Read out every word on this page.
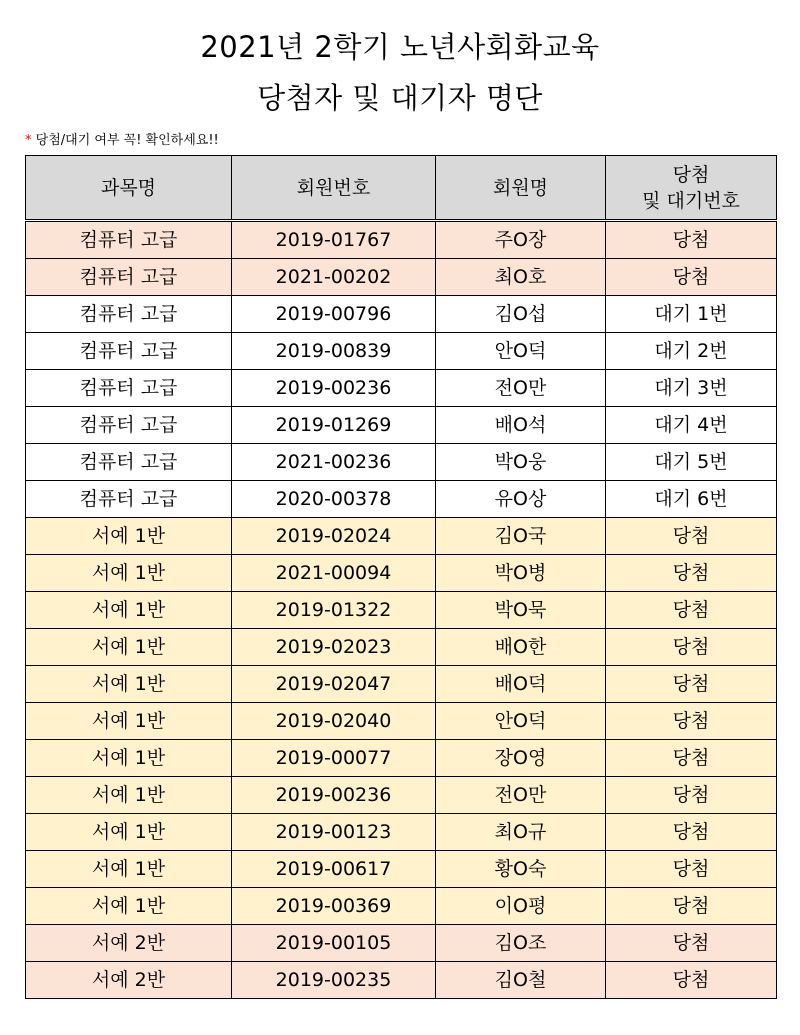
2021년 2학기 노년사회화교육
당첨자 및 대기자 명단
* 당첨/대기 여부 꼭! 확인하세요!!
과목명	회원번호	회원명	당첨
및 대기번호

컴퓨터 고급	2019-01767	주O장	당첨
컴퓨터 고급	2021-00202	최O호	당첨
컴퓨터 고급	2019-00796	김O섭	대기 1번
컴퓨터 고급	2019-00839	안O덕	대기 2번
컴퓨터 고급	2019-00236	전O만	대기 3번
컴퓨터 고급	2019-01269	배O석	대기 4번
컴퓨터 고급	2021-00236	박O웅	대기 5번
컴퓨터 고급	2020-00378	유O상	대기 6번
서예 1반	2019-02024	김O국	당첨
서예 1반	2021-00094	박O병	당첨
서예 1반	2019-01322	박O묵	당첨
서예 1반	2019-02023	배O한	당첨
서예 1반	2019-02047	배O덕	당첨
서예 1반	2019-02040	안O덕	당첨
서예 1반	2019-00077	장O영	당첨
서예 1반	2019-00236	전O만	당첨
서예 1반	2019-00123	최O규	당첨
서예 1반	2019-00617	황O숙	당첨
서예 1반	2019-00369	이O평	당첨
서예 2반	2019-00105	김O조	당첨
서예 2반	2019-00235	김O철	당첨
